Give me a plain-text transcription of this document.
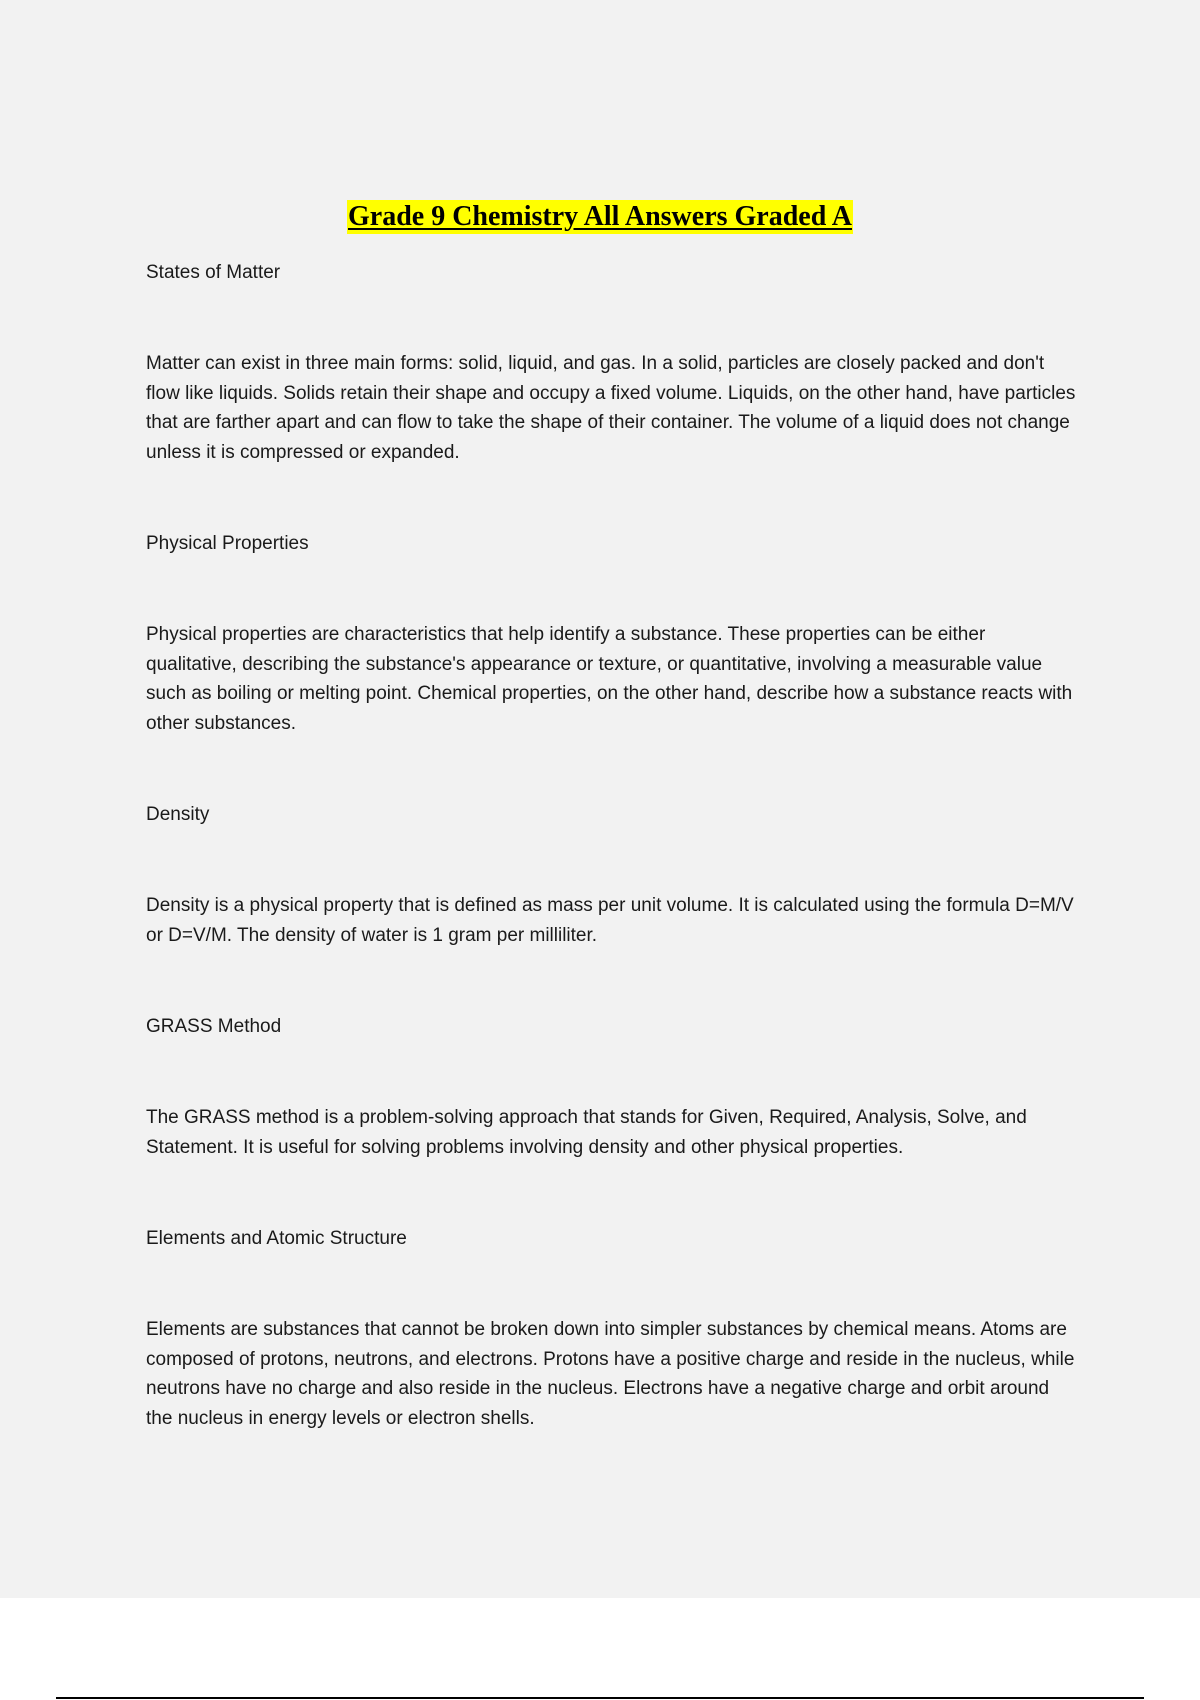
Grade 9 Chemistry All Answers Graded A

States of Matter

Matter can exist in three main forms: solid, liquid, and gas. In a solid, particles are closely packed and don't flow like liquids. Solids retain their shape and occupy a fixed volume. Liquids, on the other hand, have particles that are farther apart and can flow to take the shape of their container. The volume of a liquid does not change unless it is compressed or expanded.

Physical Properties

Physical properties are characteristics that help identify a substance. These properties can be either qualitative, describing the substance's appearance or texture, or quantitative, involving a measurable value such as boiling or melting point. Chemical properties, on the other hand, describe how a substance reacts with other substances.

Density

Density is a physical property that is defined as mass per unit volume. It is calculated using the formula D=M/V or D=V/M. The density of water is 1 gram per milliliter.

GRASS Method

The GRASS method is a problem-solving approach that stands for Given, Required, Analysis, Solve, and Statement. It is useful for solving problems involving density and other physical properties.

Elements and Atomic Structure

Elements are substances that cannot be broken down into simpler substances by chemical means. Atoms are composed of protons, neutrons, and electrons. Protons have a positive charge and reside in the nucleus, while neutrons have no charge and also reside in the nucleus. Electrons have a negative charge and orbit around the nucleus in energy levels or electron shells.
